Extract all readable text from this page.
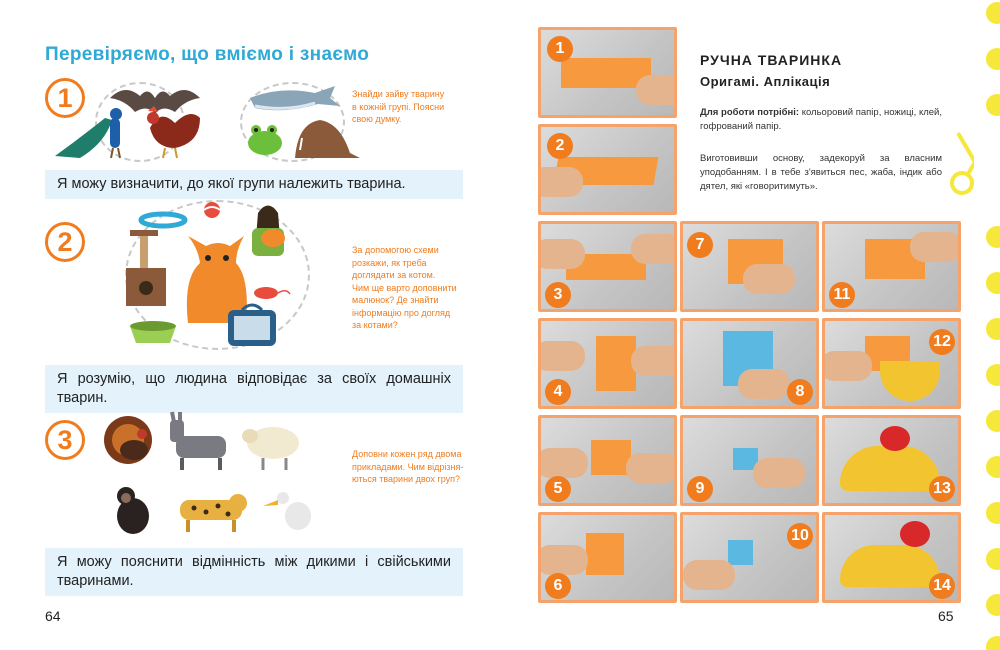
Перевіряємо, що вміємо і знаємо
1	Знайди зайву тварину
в кожній групі. Поясни
свою думку.
Я можу визначити, до якої групи належить тварина.
2	За допомогою схеми
розкажи, як треба
доглядати за котом.
Чим ще варто доповнити
малюнок? Де знайти
інформацію про догляд
за котами?
Я розумію, що людина відповідає за своїх домашніх тварин.
3	Доповни кожен ряд двома
прикладами. Чим відрізня-
ються тварини двох груп?
Я можу пояснити відмінність між дикими і свійськими тваринами.
64
1
2
РУЧНА ТВАРИНКА
Оригамі. Аплікація
Для роботи потрібні: кольоровий папір, ножиці, клей, гофрований папір.
Виготовивши основу, задекоруй за власним уподобанням. І в тебе з'явиться пес, жаба, індик або дятел, які «говоритимуть».
3
7
11
4	8
12
5	9	13
6
10
14
65
